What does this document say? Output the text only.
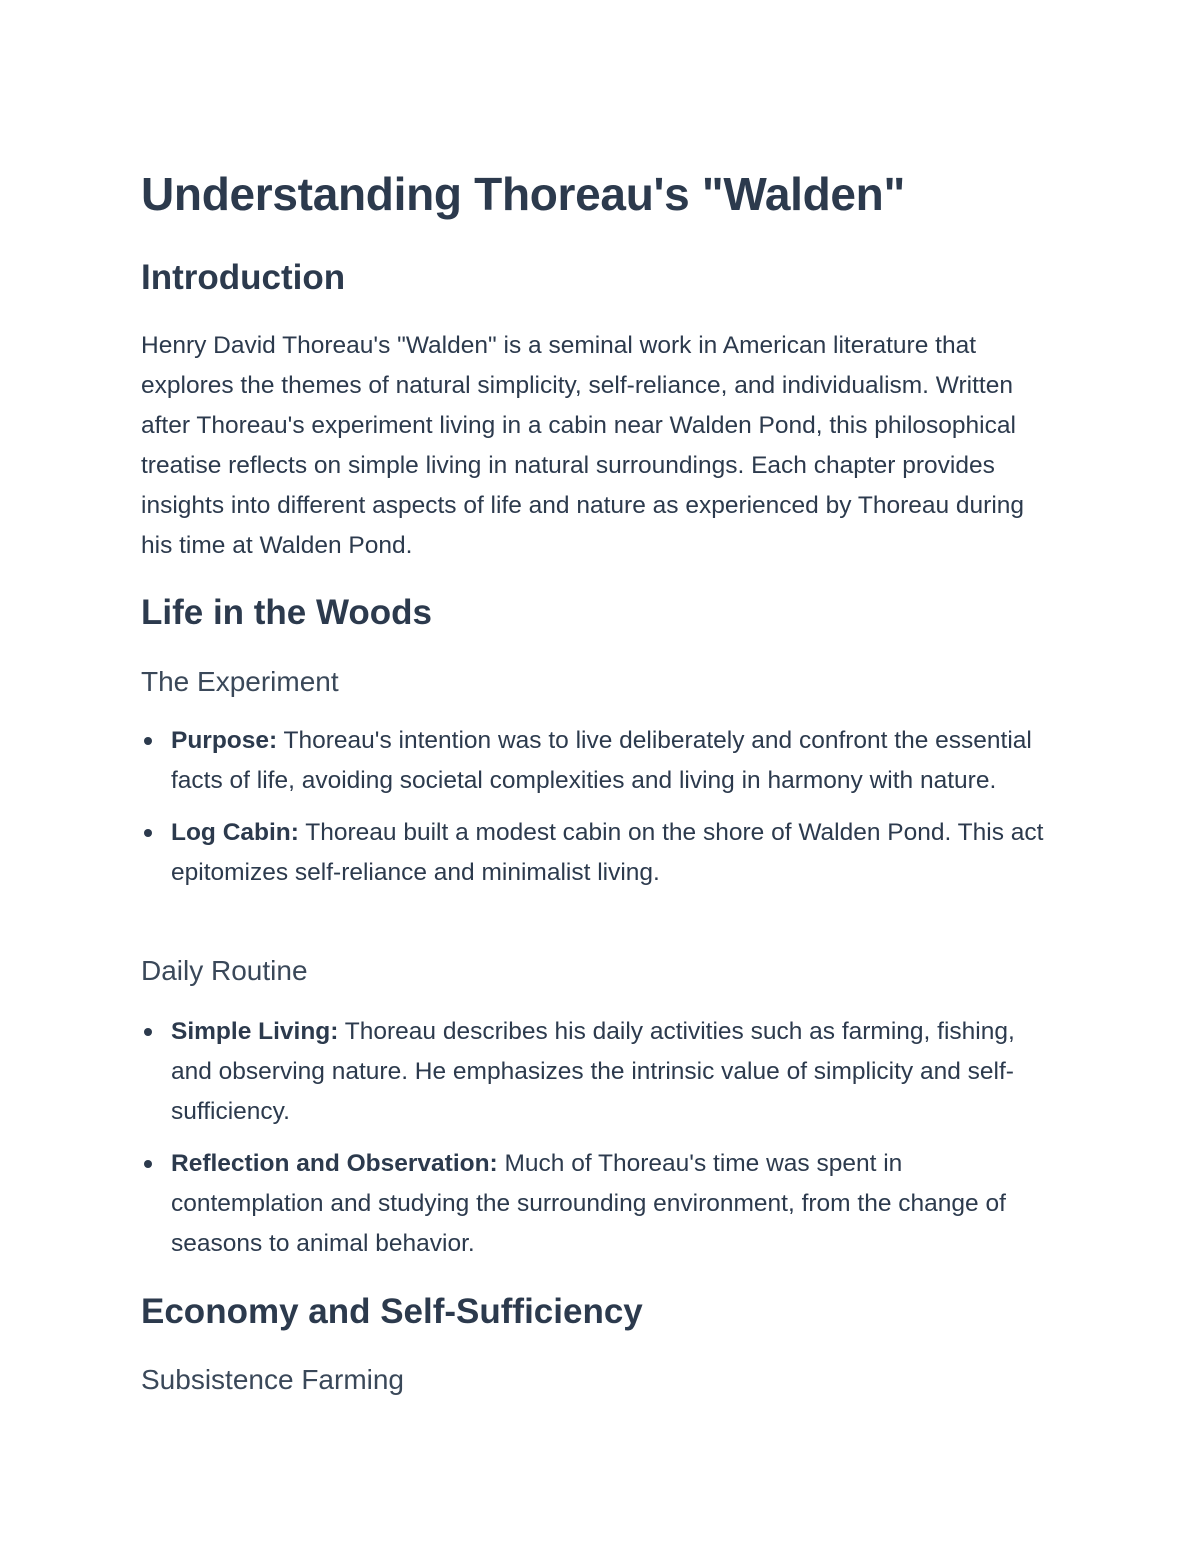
Understanding Thoreau's "Walden"
Introduction

Henry David Thoreau's "Walden" is a seminal work in American literature that explores the themes of natural simplicity, self-reliance, and individualism. Written after Thoreau's experiment living in a cabin near Walden Pond, this philosophical treatise reflects on simple living in natural surroundings. Each chapter provides insights into different aspects of life and nature as experienced by Thoreau during his time at Walden Pond.

Life in the Woods
The Experiment
Purpose: Thoreau's intention was to live deliberately and confront the essential facts of life, avoiding societal complexities and living in harmony with nature.
Log Cabin: Thoreau built a modest cabin on the shore of Walden Pond. This act epitomizes self-reliance and minimalist living.
Daily Routine
Simple Living: Thoreau describes his daily activities such as farming, fishing, and observing nature. He emphasizes the intrinsic value of simplicity and self-sufficiency.
Reflection and Observation: Much of Thoreau's time was spent in contemplation and studying the surrounding environment, from the change of seasons to animal behavior.
Economy and Self-Sufficiency
Subsistence Farming
